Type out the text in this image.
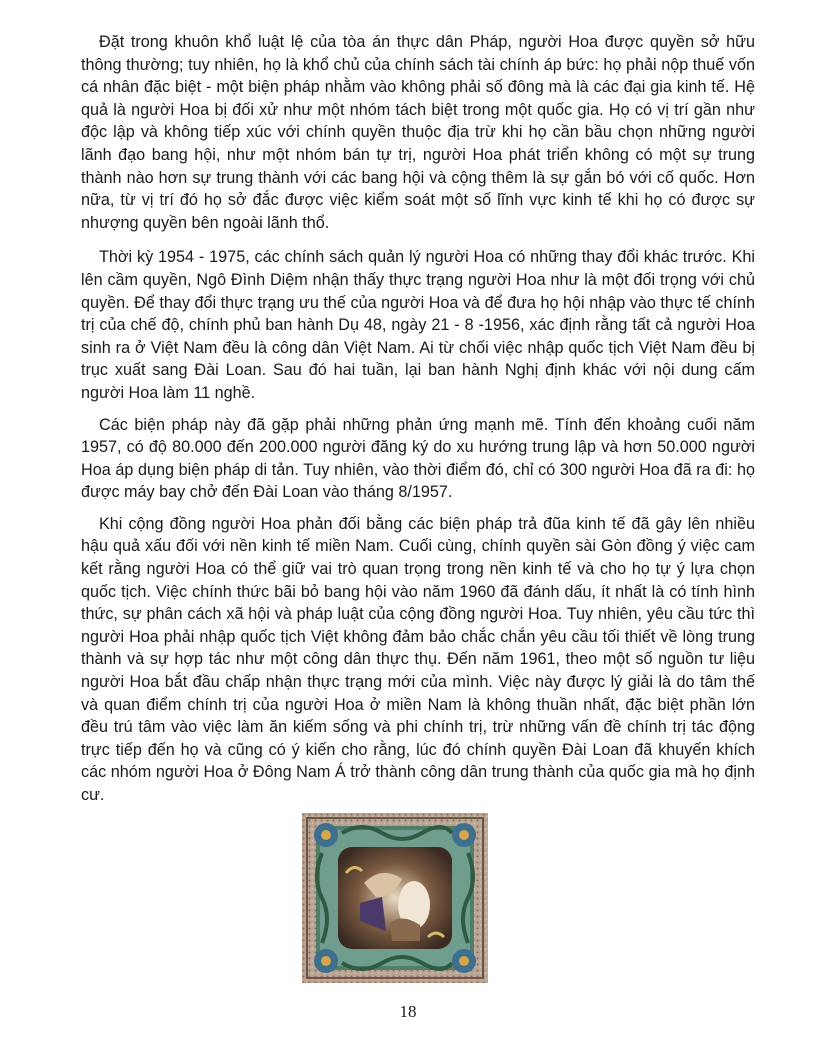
Đặt trong khuôn khổ luật lệ của tòa án thực dân Pháp, người Hoa được quyền sở hữu thông thường; tuy nhiên, họ là khổ chủ của chính sách tài chính áp bức: họ phải nộp thuế vốn cá nhân đặc biệt - một biện pháp nhằm vào không phải số đông mà là các đại gia kinh tế. Hệ quả là người Hoa bị đối xử như một nhóm tách biệt trong một quốc gia. Họ có vị trí gần như độc lập và không tiếp xúc với chính quyền thuộc địa trừ khi họ cần bầu chọn những người lãnh đạo bang hội, như một nhóm bán tự trị, người Hoa phát triển không có một sự trung thành nào hơn sự trung thành với các bang hội và cộng thêm là sự gắn bó với cố quốc. Hơn nữa, từ vị trí đó họ sở đắc được việc kiểm soát một số lĩnh vực kinh tế khi họ có được sự nhượng quyền bên ngoài lãnh thổ.

Thời kỳ 1954 - 1975, các chính sách quản lý người Hoa có những thay đổi khác trước. Khi lên cầm quyền, Ngô Đình Diệm nhận thấy thực trạng người Hoa như là một đối trọng với chủ quyền. Để thay đổi thực trạng ưu thế của người Hoa và để đưa họ hội nhập vào thực tế chính trị của chế độ, chính phủ ban hành Dụ 48, ngày 21 - 8 -1956, xác định rằng tất cả người Hoa sinh ra ở Việt Nam đều là công dân Việt Nam. Ai từ chối việc nhập quốc tịch Việt Nam đều bị trục xuất sang Đài Loan. Sau đó hai tuần, lại ban hành Nghị định khác với nội dung cấm người Hoa làm 11 nghề.

Các biện pháp này đã gặp phải những phản ứng mạnh mẽ. Tính đến khoảng cuối năm 1957, có độ 80.000 đến 200.000 người đăng ký do xu hướng trung lập và hơn 50.000 người Hoa áp dụng biện pháp di tản. Tuy nhiên, vào thời điểm đó, chỉ có 300 người Hoa đã ra đi: họ được máy bay chở đến Đài Loan vào tháng 8/1957.

Khi cộng đồng người Hoa phản đối bằng các biện pháp trả đũa kinh tế đã gây lên nhiều hậu quả xấu đối với nền kinh tế miền Nam. Cuối cùng, chính quyền sài Gòn đồng ý việc cam kết rằng người Hoa có thể giữ vai trò quan trọng trong nền kinh tế và cho họ tự ý lựa chọn quốc tịch. Việc chính thức bãi bỏ bang hội vào năm 1960 đã đánh dấu, ít nhất là có tính hình thức, sự phân cách xã hội và pháp luật của cộng đồng người Hoa. Tuy nhiên, yêu cầu tức thì người Hoa phải nhập quốc tịch Việt không đảm bảo chắc chắn yêu cầu tối thiết về lòng trung thành và sự hợp tác như một công dân thực thụ. Đến năm 1961, theo một số nguồn tư liệu người Hoa bắt đầu chấp nhận thực trạng mới của mình. Việc này được lý giải là do tâm thế và quan điểm chính trị của người Hoa ở miền Nam là không thuần nhất, đặc biệt phần lớn đều trú tâm vào việc làm ăn kiếm sống và phi chính trị, trừ những vấn đề chính trị tác động trực tiếp đến họ và cũng có ý kiến cho rằng, lúc đó chính quyền Đài Loan đã khuyến khích các nhóm người Hoa ở Đông Nam Á trở thành công dân trung thành của quốc gia mà họ định cư.

18
